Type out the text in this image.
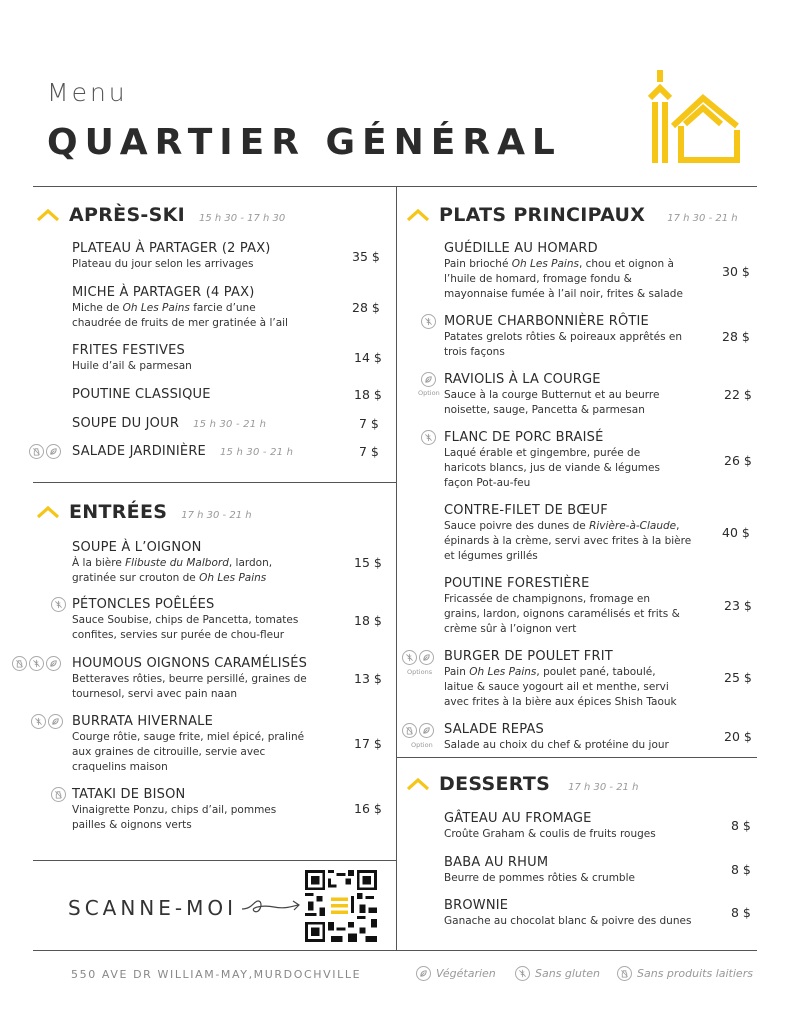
Menu
QUARTIER GÉNÉRAL
APRÈS-SKI 15 h 30 - 17 h 30
PLATEAU À PARTAGER (2 PAX)
Plateau du jour selon les arrivages	35 $
MICHE À PARTAGER (4 PAX)
Miche de Oh Les Pains farcie d’une
chaudrée de fruits de mer gratinée à l’ail
28 $
FRITES FESTIVES
Huile d’ail & parmesan
14 $
POUTINE CLASSIQUE	18 $
SOUPE DU JOUR 15 h 30 - 21 h	7 $
SALADE JARDINIÈRE 15 h 30 - 21 h	7 $
ENTRÉES 17 h 30 - 21 h
SOUPE À L’OIGNON
À la bière Flibuste du Malbord, lardon,
gratinée sur crouton de Oh Les Pains
15 $
PÉTONCLES POÊLÉES
Sauce Soubise, chips de Pancetta, tomates
confites, servies sur purée de chou-fleur
18 $
HOUMOUS OIGNONS CARAMÉLISÉS
Betteraves rôties, beurre persillé, graines de
tournesol, servi avec pain naan
13 $
BURRATA HIVERNALE
Courge rôtie, sauge frite, miel épicé, praliné
aux graines de citrouille, servie avec
craquelins maison
17 $
TATAKI DE BISON
Vinaigrette Ponzu, chips d’ail, pommes
pailles & oignons verts
16 $
SCANNE-MOI
PLATS PRINCIPAUX 17 h 30 - 21 h
GUÉDILLE AU HOMARD
Pain brioché Oh Les Pains, chou et oignon à
l’huile de homard, fromage fondu &
mayonnaise fumée à l’ail noir, frites & salade
30 $
MORUE CHARBONNIÈRE RÔTIE
Patates grelots rôties & poireaux apprêtés en
trois façons
28 $
Option
RAVIOLIS À LA COURGE
Sauce à la courge Butternut et au beurre
noisette, sauge, Pancetta & parmesan
22 $
FLANC DE PORC BRAISÉ
Laqué érable et gingembre, purée de
haricots blancs, jus de viande & légumes
façon Pot-au-feu
26 $
CONTRE-FILET DE BŒUF
Sauce poivre des dunes de Rivière-à-Claude,
épinards à la crème, servi avec frites à la bière
et légumes grillés
40 $
POUTINE FORESTIÈRE
Fricassée de champignons, fromage en
grains, lardon, oignons caramélisés et frits &
crème sûr à l’oignon vert
23 $
Options
BURGER DE POULET FRIT
Pain Oh Les Pains, poulet pané, taboulé,
laitue & sauce yogourt ail et menthe, servi
avec frites à la bière aux épices Shish Taouk
25 $
Option
SALADE REPAS
Salade au choix du chef & protéine du jour
20 $
DESSERTS 17 h 30 - 21 h
GÂTEAU AU FROMAGE
Croûte Graham & coulis de fruits rouges
8 $
BABA AU RHUM
Beurre de pommes rôties & crumble
8 $
BROWNIE
Ganache au chocolat blanc & poivre des dunes
8 $
550 AVE DR WILLIAM-MAY,MURDOCHVILLE	Végétarien	Sans gluten	Sans produits laitiers
